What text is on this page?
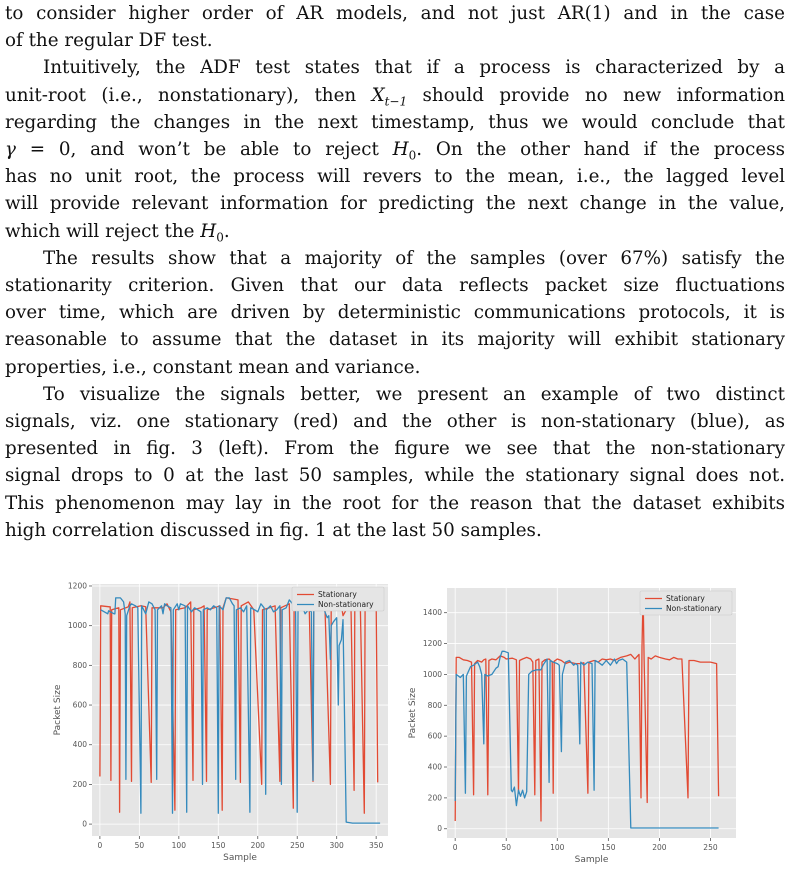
to consider higher order of AR models, and not just AR(1) and in the case
of the regular DF test.

Intuitively, the ADF test states that if a process is characterized by a
unit-root (i.e., nonstationary), then $X_{t-1}$ should provide no new information
regarding the changes in the next timestamp, thus we would conclude that
γ = 0, and won’t be able to reject $H_0$. On the other hand if the process
has no unit root, the process will revers to the mean, i.e., the lagged level
will provide relevant information for predicting the next change in the value,
which will reject the $H_0$.

The results show that a majority of the samples (over 67%) satisfy the
stationarity criterion. Given that our data reflects packet size fluctuations
over time, which are driven by deterministic communications protocols, it is
reasonable to assume that the dataset in its majority will exhibit stationary
properties, i.e., constant mean and variance.

To visualize the signals better, we present an example of two distinct
signals, viz. one stationary (red) and the other is non-stationary (blue), as
presented in fig. 3 (left). From the figure we see that the non-stationary
signal drops to 0 at the last 50 samples, while the stationary signal does not.
This phenomenon may lay in the root for the reason that the dataset exhibits
high correlation discussed in fig. 1 at the last 50 samples.

0	50	100	150	200	250	300	350
0
200
400
600
800
1000
1200
Sample
Packet Size
Stationary
Non-stationary
0	50	100	150	200	250
0
200
400
600
800
1000
1200
1400
Sample
Packet Size
Stationary
Non-stationary
